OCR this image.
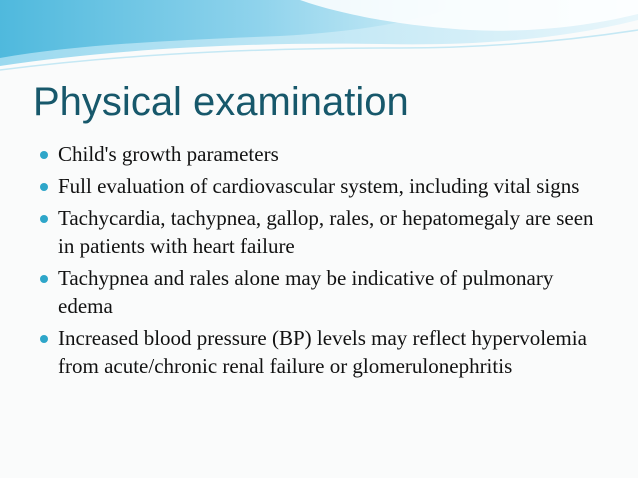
Physical examination
Child's growth parameters
Full evaluation of cardiovascular system, including vital signs
Tachycardia, tachypnea, gallop, rales, or hepatomegaly are seen in patients with heart failure
Tachypnea and rales alone may be indicative of pulmonary edema
Increased blood pressure (BP) levels may reflect hypervolemia from acute/chronic renal failure or glomerulonephritis
